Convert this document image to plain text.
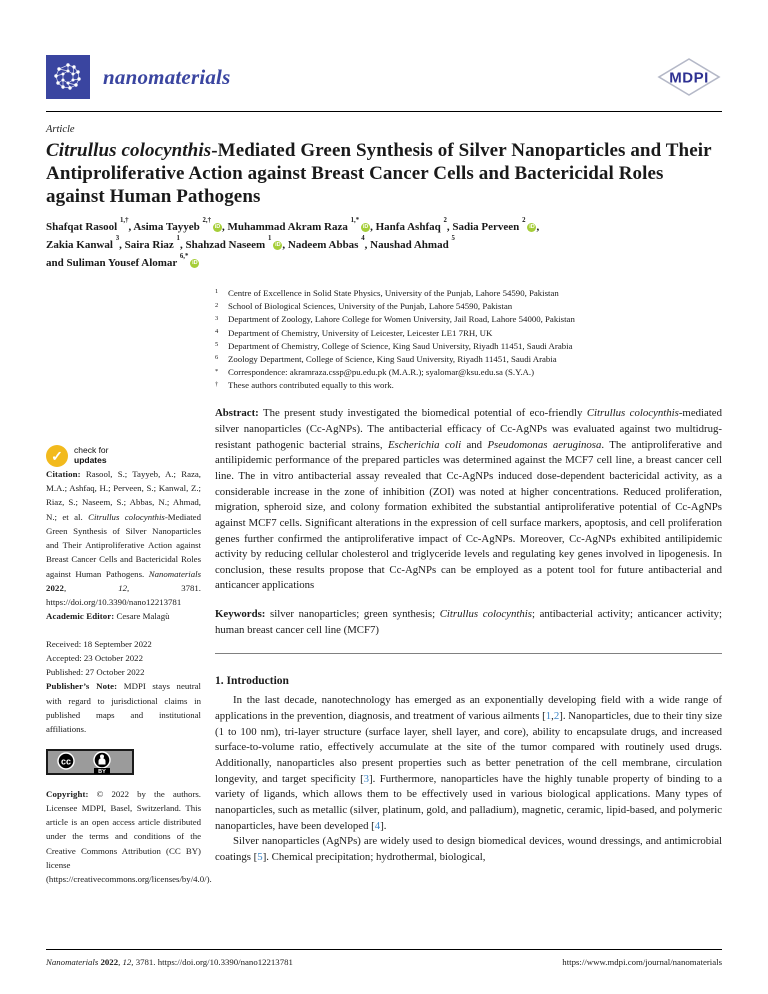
nanomaterials	MDPI
Article
Citrullus colocynthis-Mediated Green Synthesis of Silver Nanoparticles and Their Antiproliferative Action against Breast Cancer Cells and Bactericidal Roles against Human Pathogens
Shafqat Rasool $^{1,\dagger}$, Asima Tayyeb $^{2,\dagger}$iD , Muhammad Akram Raza $^{1,*}$iD , Hanfa Ashfaq $^2$, Sadia Perveen $^2$iD ,
Zakia Kanwal $^3$, Saira Riaz $^1$, Shahzad Naseem $^1$iD , Nadeem Abbas $^4$, Naushad Ahmad $^5$
and Suliman Yousef Alomar $^{6,*}$iD
✓	check for
updates

Citation: Rasool, S.; Tayyeb, A.; Raza, M.A.; Ashfaq, H.; Perveen, S.; Kanwal, Z.; Riaz, S.; Naseem, S.; Abbas, N.; Ahmad, N.; et al. Citrullus colocynthis-Mediated Green Synthesis of Silver Nanoparticles and Their Antiproliferative Action against Breast Cancer Cells and Bactericidal Roles against Human Pathogens. Nanomaterials 2022, 12, 3781. https://doi.org/10.3390/nano12213781

Academic Editor: Cesare Malagù

Received: 18 September 2022
Accepted: 23 October 2022
Published: 27 October 2022

Publisher’s Note: MDPI stays neutral with regard to jurisdictional claims in published maps and institutional affiliations.

cc
BY

Copyright: © 2022 by the authors. Licensee MDPI, Basel, Switzerland. This article is an open access article distributed under the terms and conditions of the Creative Commons Attribution (CC BY) license (https://creativecommons.org/licenses/by/4.0/).

1	Centre of Excellence in Solid State Physics, University of the Punjab, Lahore 54590, Pakistan
2	School of Biological Sciences, University of the Punjab, Lahore 54590, Pakistan
3	Department of Zoology, Lahore College for Women University, Jail Road, Lahore 54000, Pakistan
4	Department of Chemistry, University of Leicester, Leicester LE1 7RH, UK
5	Department of Chemistry, College of Science, King Saud University, Riyadh 11451, Saudi Arabia
6	Zoology Department, College of Science, King Saud University, Riyadh 11451, Saudi Arabia
*	Correspondence: akramraza.cssp@pu.edu.pk (M.A.R.); syalomar@ksu.edu.sa (S.Y.A.)
†	These authors contributed equally to this work.

Abstract: The present study investigated the biomedical potential of eco-friendly Citrullus colocynthis-mediated silver nanoparticles (Cc-AgNPs). The antibacterial efficacy of Cc-AgNPs was evaluated against two multidrug-resistant pathogenic bacterial strains, Escherichia coli and Pseudomonas aeruginosa. The antiproliferative and antilipidemic performance of the prepared particles was determined against the MCF7 cell line, a breast cancer cell line. The in vitro antibacterial assay revealed that Cc-AgNPs induced dose-dependent bactericidal activity, as a considerable increase in the zone of inhibition (ZOI) was noted at higher concentrations. Reduced proliferation, migration, spheroid size, and colony formation exhibited the substantial antiproliferative potential of Cc-AgNPs against MCF7 cells. Significant alterations in the expression of cell surface markers, apoptosis, and cell proliferation genes further confirmed the antiproliferative impact of Cc-AgNPs. Moreover, Cc-AgNPs exhibited antilipidemic activity by reducing cellular cholesterol and triglyceride levels and regulating key genes involved in lipogenesis. In conclusion, these results propose that Cc-AgNPs can be employed as a potent tool for future antibacterial and anticancer applications

Keywords: silver nanoparticles; green synthesis; Citrullus colocynthis; antibacterial activity; anticancer activity; human breast cancer cell line (MCF7)

1. Introduction

In the last decade, nanotechnology has emerged as an exponentially developing field with a wide range of applications in the prevention, diagnosis, and treatment of various ailments [1,2]. Nanoparticles, due to their tiny size (1 to 100 nm), tri-layer structure (surface layer, shell layer, and core), ability to encapsulate drugs, and increased surface-to-volume ratio, effectively accumulate at the site of the tumor compared with routinely used drugs. Additionally, nanoparticles also present properties such as better penetration of the cell membrane, circulation longevity, and target specificity [3]. Furthermore, nanoparticles have the highly tunable property of binding to a variety of ligands, which allows them to be effectively used in various biological applications. Many types of nanoparticles, such as metallic (silver, platinum, gold, and palladium), magnetic, ceramic, lipid-based, and polymeric nanoparticles, have been developed [4].

Silver nanoparticles (AgNPs) are widely used to design biomedical devices, wound dressings, and antimicrobial coatings [5]. Chemical precipitation; hydrothermal, biological,

Nanomaterials 2022, 12, 3781. https://doi.org/10.3390/nano12213781	https://www.mdpi.com/journal/nanomaterials
